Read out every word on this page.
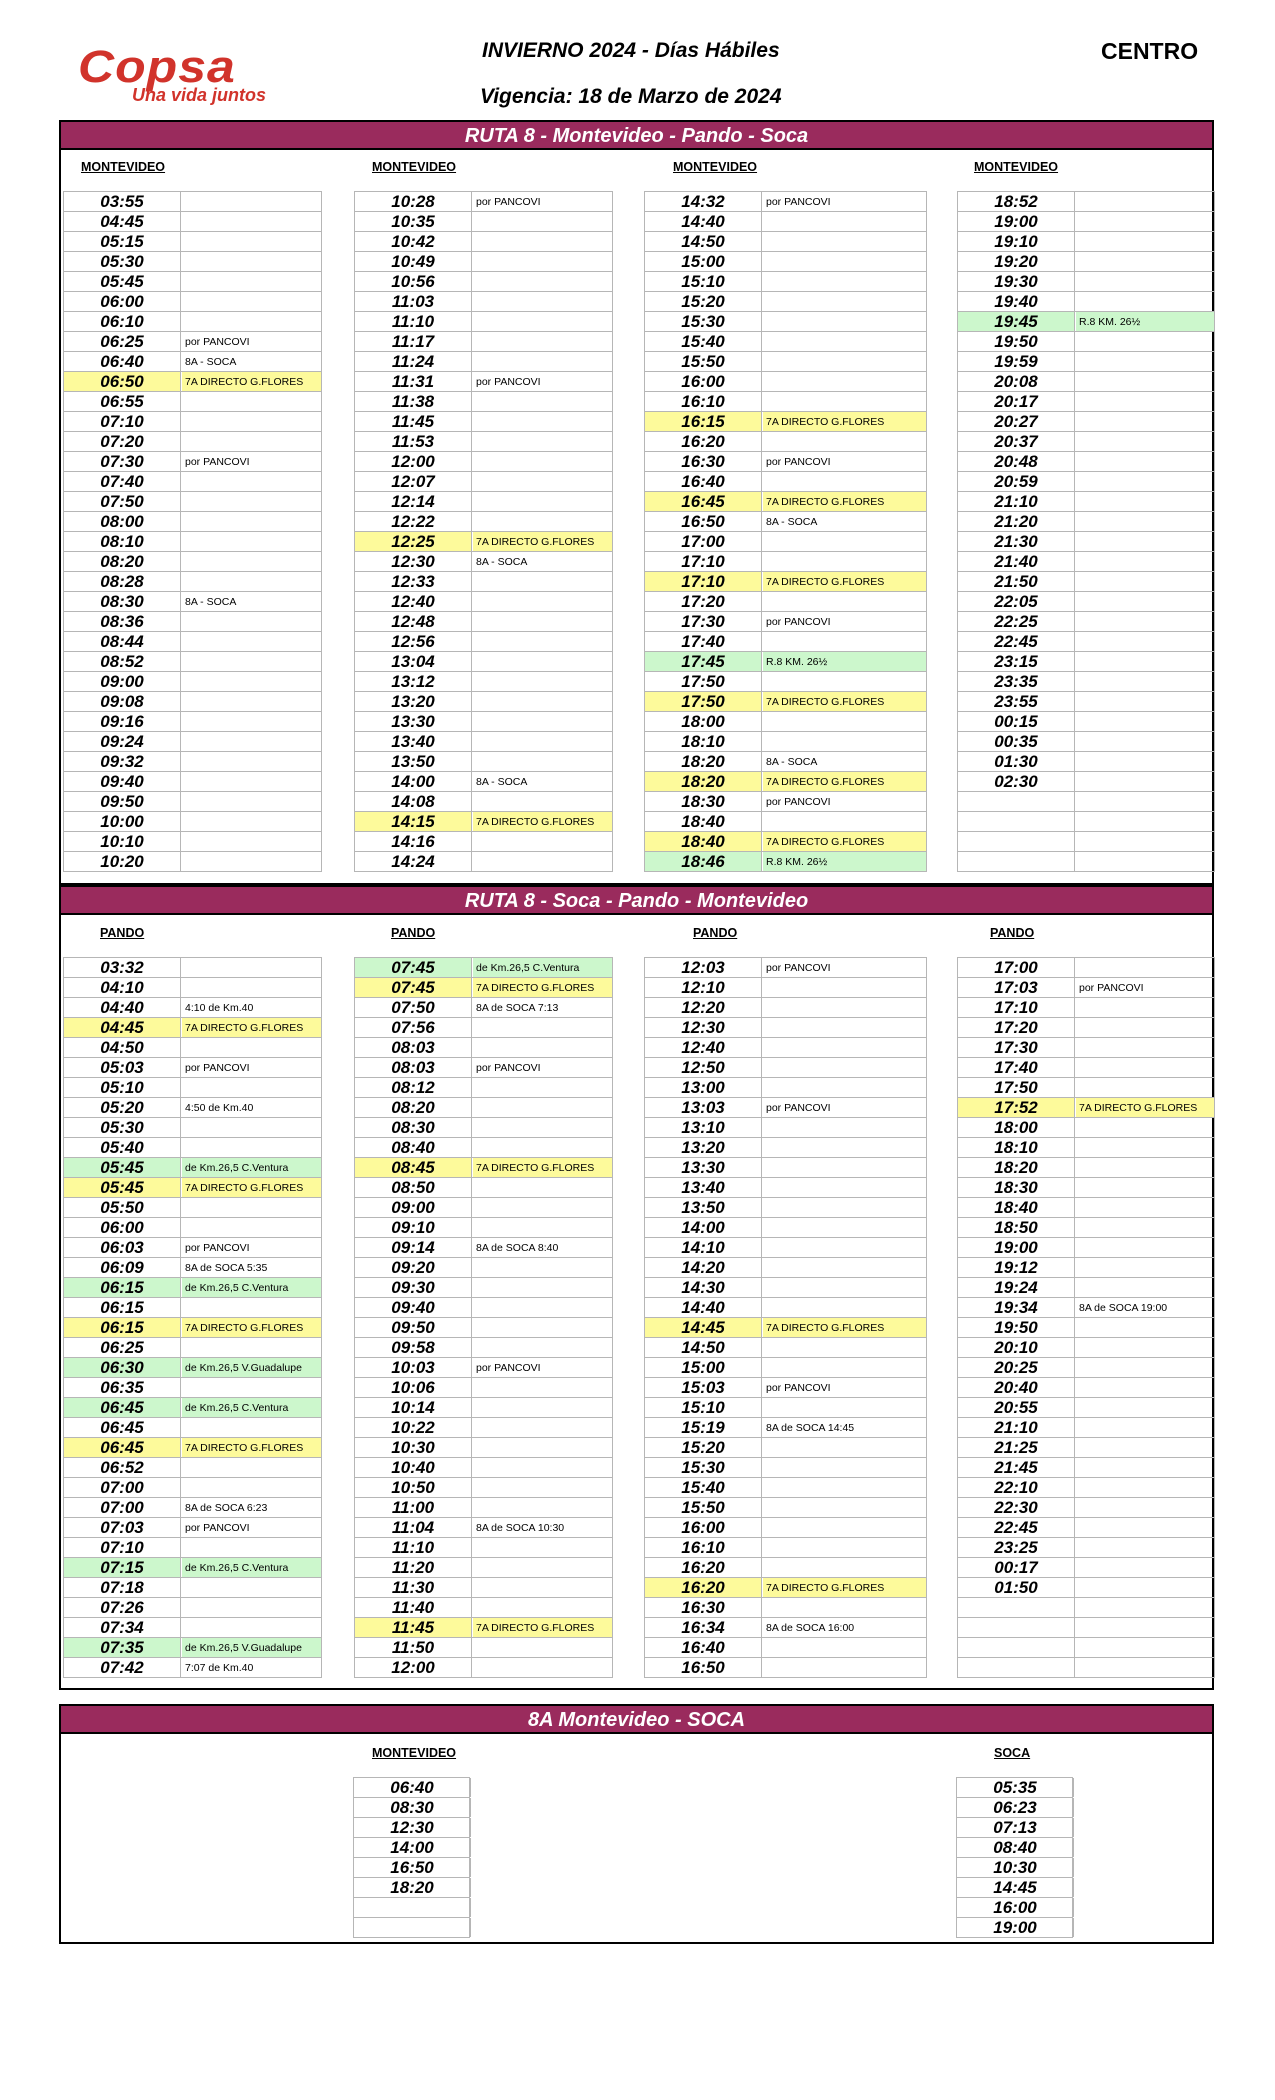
Copsa
Una vida juntos
INVIERNO 2024 - Días Hábiles
Vigencia: 18 de Marzo de 2024
CENTRO
RUTA 8 - Montevideo - Pando - Soca
MONTEVIDEO
03:55
04:45
05:15
05:30
05:45
06:00
06:10
06:25	por PANCOVI
06:40	8A - SOCA
06:50	7A DIRECTO G.FLORES
06:55
07:10
07:20
07:30	por PANCOVI
07:40
07:50
08:00
08:10
08:20
08:28
08:30	8A - SOCA
08:36
08:44
08:52
09:00
09:08
09:16
09:24
09:32
09:40
09:50
10:00
10:10
10:20
MONTEVIDEO
10:28	por PANCOVI
10:35
10:42
10:49
10:56
11:03
11:10
11:17
11:24
11:31	por PANCOVI
11:38
11:45
11:53
12:00
12:07
12:14
12:22
12:25	7A DIRECTO G.FLORES
12:30	8A - SOCA
12:33
12:40
12:48
12:56
13:04
13:12
13:20
13:30
13:40
13:50
14:00	8A - SOCA
14:08
14:15	7A DIRECTO G.FLORES
14:16
14:24
MONTEVIDEO
14:32	por PANCOVI
14:40
14:50
15:00
15:10
15:20
15:30
15:40
15:50
16:00
16:10
16:15	7A DIRECTO G.FLORES
16:20
16:30	por PANCOVI
16:40
16:45	7A DIRECTO G.FLORES
16:50	8A - SOCA
17:00
17:10
17:10	7A DIRECTO G.FLORES
17:20
17:30	por PANCOVI
17:40
17:45	R.8 KM. 26½
17:50
17:50	7A DIRECTO G.FLORES
18:00
18:10
18:20	8A - SOCA
18:20	7A DIRECTO G.FLORES
18:30	por PANCOVI
18:40
18:40	7A DIRECTO G.FLORES
18:46	R.8 KM. 26½
MONTEVIDEO
18:52
19:00
19:10
19:20
19:30
19:40
19:45	R.8 KM. 26½
19:50
19:59
20:08
20:17
20:27
20:37
20:48
20:59
21:10
21:20
21:30
21:40
21:50
22:05
22:25
22:45
23:15
23:35
23:55
00:15
00:35
01:30
02:30
RUTA 8 - Soca - Pando - Montevideo
PANDO
03:32
04:10
04:40	4:10 de Km.40
04:45	7A DIRECTO G.FLORES
04:50
05:03	por PANCOVI
05:10
05:20	4:50 de Km.40
05:30
05:40
05:45	de Km.26,5 C.Ventura
05:45	7A DIRECTO G.FLORES
05:50
06:00
06:03	por PANCOVI
06:09	8A de SOCA 5:35
06:15	de Km.26,5 C.Ventura
06:15
06:15	7A DIRECTO G.FLORES
06:25
06:30	de Km.26,5 V.Guadalupe
06:35
06:45	de Km.26,5 C.Ventura
06:45
06:45	7A DIRECTO G.FLORES
06:52
07:00
07:00	8A de SOCA 6:23
07:03	por PANCOVI
07:10
07:15	de Km.26,5 C.Ventura
07:18
07:26
07:34
07:35	de Km.26,5 V.Guadalupe
07:42	7:07 de Km.40
PANDO
07:45	de Km.26,5 C.Ventura
07:45	7A DIRECTO G.FLORES
07:50	8A de SOCA 7:13
07:56
08:03
08:03	por PANCOVI
08:12
08:20
08:30
08:40
08:45	7A DIRECTO G.FLORES
08:50
09:00
09:10
09:14	8A de SOCA 8:40
09:20
09:30
09:40
09:50
09:58
10:03	por PANCOVI
10:06
10:14
10:22
10:30
10:40
10:50
11:00
11:04	8A de SOCA 10:30
11:10
11:20
11:30
11:40
11:45	7A DIRECTO G.FLORES
11:50
12:00
PANDO
12:03	por PANCOVI
12:10
12:20
12:30
12:40
12:50
13:00
13:03	por PANCOVI
13:10
13:20
13:30
13:40
13:50
14:00
14:10
14:20
14:30
14:40
14:45	7A DIRECTO G.FLORES
14:50
15:00
15:03	por PANCOVI
15:10
15:19	8A de SOCA 14:45
15:20
15:30
15:40
15:50
16:00
16:10
16:20
16:20	7A DIRECTO G.FLORES
16:30
16:34	8A de SOCA 16:00
16:40
16:50
PANDO
17:00
17:03	por PANCOVI
17:10
17:20
17:30
17:40
17:50
17:52	7A DIRECTO G.FLORES
18:00
18:10
18:20
18:30
18:40
18:50
19:00
19:12
19:24
19:34	8A de SOCA 19:00
19:50
20:10
20:25
20:40
20:55
21:10
21:25
21:45
22:10
22:30
22:45
23:25
00:17
01:50
8A Montevideo - SOCA
MONTEVIDEO
06:40
08:30
12:30
14:00
16:50
18:20
SOCA
05:35
06:23
07:13
08:40
10:30
14:45
16:00
19:00
